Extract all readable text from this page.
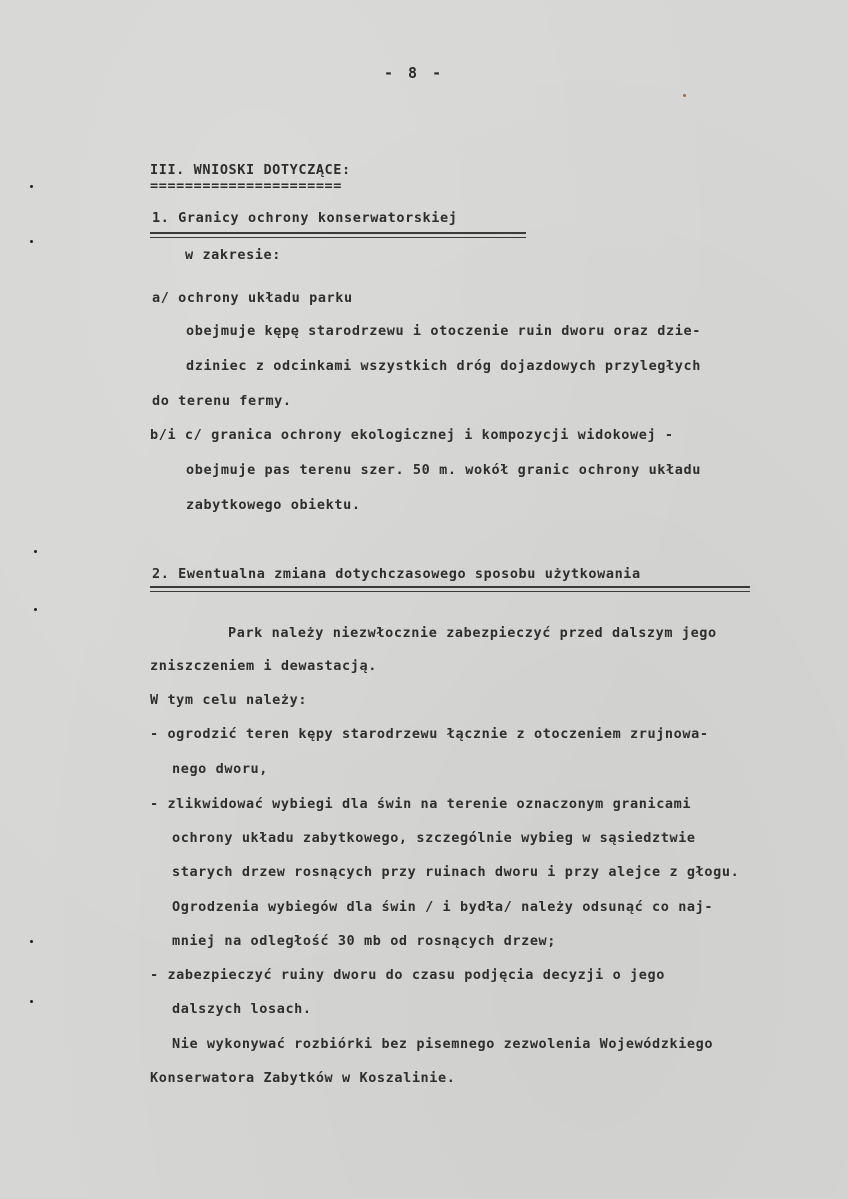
- 8 -
III. WNIOSKI DOTYCZĄCE:
======================
1. Granicy ochrony konserwatorskiej
w zakresie:
a/ ochrony układu parku
obejmuje kępę starodrzewu i otoczenie ruin dworu oraz dzie-
dziniec z odcinkami wszystkich dróg dojazdowych przyległych
do terenu fermy.
b/i c/ granica ochrony ekologicznej i kompozycji widokowej -
obejmuje pas terenu szer. 50 m. wokół granic ochrony układu
zabytkowego obiektu.
2. Ewentualna zmiana dotychczasowego sposobu użytkowania
Park należy niezwłocznie zabezpieczyć przed dalszym jego
zniszczeniem i dewastacją.
W tym celu należy:
- ogrodzić teren kępy starodrzewu łącznie z otoczeniem zrujnowa-
nego dworu,
- zlikwidować wybiegi dla świn na terenie oznaczonym granicami
ochrony układu zabytkowego, szczególnie wybieg w sąsiedztwie
starych drzew rosnących przy ruinach dworu i przy alejce z głogu.
Ogrodzenia wybiegów dla świn / i bydła/ należy odsunąć co naj-
mniej na odległość 30 mb od rosnących drzew;
- zabezpieczyć ruiny dworu do czasu podjęcia decyzji o jego
dalszych losach.
Nie wykonywać rozbiórki bez pisemnego zezwolenia Wojewódzkiego
Konserwatora Zabytków w Koszalinie.
